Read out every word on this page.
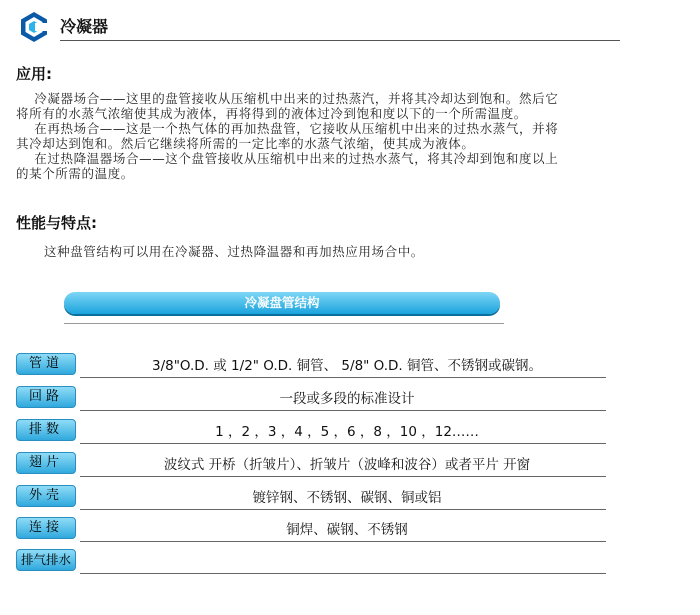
冷凝器
应用:
冷凝器场合——这里的盘管接收从压缩机中出来的过热蒸汽，并将其冷却达到饱和。然后它
将所有的水蒸气浓缩使其成为液体，再将得到的液体过冷到饱和度以下的一个所需温度。
在再热场合——这是一个热气体的再加热盘管，它接收从压缩机中出来的过热水蒸气，并将
其冷却达到饱和。然后它继续将所需的一定比率的水蒸气浓缩，使其成为液体。
在过热降温器场合——这个盘管接收从压缩机中出来的过热水蒸气，将其冷却到饱和度以上
的某个所需的温度。
性能与特点:
这种盘管结构可以用在冷凝器、过热降温器和再加热应用场合中。
冷凝盘管结构
管道	3/8"O.D. 或 1/2" O.D. 铜管、 5/8" O.D. 铜管、不锈钢或碳钢。
回路	一段或多段的标准设计
排数	1 ，2 ，3 ，4 ，5 ，6 ，8 ，10 ，12……
翅片	波纹式 开桥（折皱片）、折皱片（波峰和波谷）或者平片 开窗
外壳	镀锌钢、不锈钢、碳钢、铜或铝
连接	铜焊、碳钢、不锈钢
排气排水
